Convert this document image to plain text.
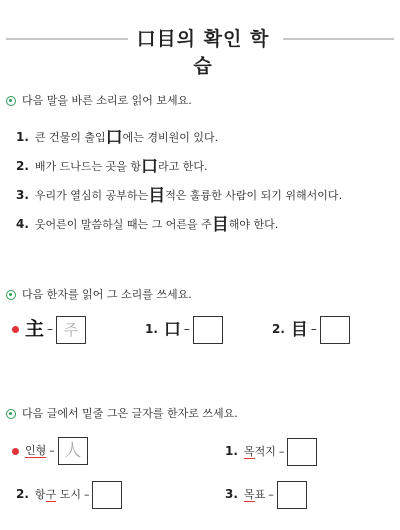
口目의 확인 학습
다음 말을 바른 소리로 읽어 보세요.
1. 큰 건물의 출입口에는 경비원이 있다.
2. 배가 드나드는 곳을 항口라고 한다.
3. 우리가 열심히 공부하는目적은 훌륭한 사람이 되기 위해서이다.
4. 웃어른이 말씀하실 때는 그 어른을 주目해야 한다.
다음 한자를 읽어 그 소리를 쓰세요.
主 – 주	1. 口 –	2. 目 –
다음 글에서 밑줄 그은 글자를 한자로 쓰세요.
인형 – 人	1. 목적지 –
2. 항구 도시 –	3. 목표 –
